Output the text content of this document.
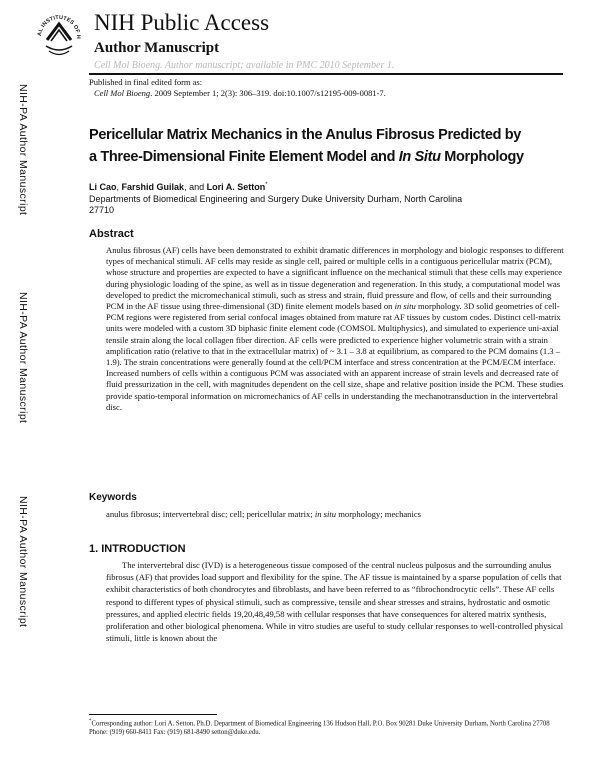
AL INSTITUTES OF H
NIH Public Access
Author Manuscript
Cell Mol Bioeng. Author manuscript; available in PMC 2010 September 1.
Published in final edited form as:
Cell Mol Bioeng. 2009 September 1; 2(3): 306–319. doi:10.1007/s12195-009-0081-7.
NIH-PA Author Manuscript
NIH-PA Author Manuscript
NIH-PA Author Manuscript
Pericellular Matrix Mechanics in the Anulus Fibrosus Predicted by
a Three-Dimensional Finite Element Model and In Situ Morphology
Li Cao, Farshid Guilak, and Lori A. Setton*
Departments of Biomedical Engineering and Surgery Duke University Durham, North Carolina 27710
Abstract

Anulus fibrosus (AF) cells have been demonstrated to exhibit dramatic differences in morphology and biologic responses to different types of mechanical stimuli. AF cells may reside as single cell, paired or multiple cells in a contiguous pericellular matrix (PCM), whose structure and properties are expected to have a significant influence on the mechanical stimuli that these cells may experience during physiologic loading of the spine, as well as in tissue degeneration and regeneration. In this study, a computational model was developed to predict the micromechanical stimuli, such as stress and strain, fluid pressure and flow, of cells and their surrounding PCM in the AF tissue using three-dimensional (3D) finite element models based on in situ morphology. 3D solid geometries of cell-PCM regions were registered from serial confocal images obtained from mature rat AF tissues by custom codes. Distinct cell-matrix units were modeled with a custom 3D biphasic finite element code (COMSOL Multiphysics), and simulated to experience uni-axial tensile strain along the local collagen fiber direction. AF cells were predicted to experience higher volumetric strain with a strain amplification ratio (relative to that in the extracellular matrix) of ~ 3.1 – 3.8 at equilibrium, as compared to the PCM domains (1.3 – 1.9). The strain concentrations were generally found at the cell/PCM interface and stress concentration at the PCM/ECM interface. Increased numbers of cells within a contiguous PCM was associated with an apparent increase of strain levels and decreased rate of fluid pressurization in the cell, with magnitudes dependent on the cell size, shape and relative position inside the PCM. These studies provide spatio-temporal information on micromechanics of AF cells in understanding the mechanotransduction in the intervertebral disc.

Keywords
anulus fibrosus; intervertebral disc; cell; pericellular matrix; in situ morphology; mechanics
1. INTRODUCTION

The intervertebral disc (IVD) is a heterogeneous tissue composed of the central nucleus pulposus and the surrounding anulus fibrosus (AF) that provides load support and flexibility for the spine. The AF tissue is maintained by a sparse population of cells that exhibit characteristics of both chondrocytes and fibroblasts, and have been referred to as “fibrochondrocytic cells”. These AF cells respond to different types of physical stimuli, such as compressive, tensile and shear stresses and strains, hydrostatic and osmotic pressures, and applied electric fields 19,20,48,49,58 with cellular responses that have consequences for altered matrix synthesis, proliferation and other biological phenomena. While in vitro studies are useful to study cellular responses to well-controlled physical stimuli, little is known about the

*Corresponding author: Lori A. Setton, Ph.D. Department of Biomedical Engineering 136 Hudson Hall, P.O. Box 90281 Duke University Durham, North Carolina 27708 Phone: (919) 660-8411 Fax: (919) 681-8490 setton@duke.edu.
